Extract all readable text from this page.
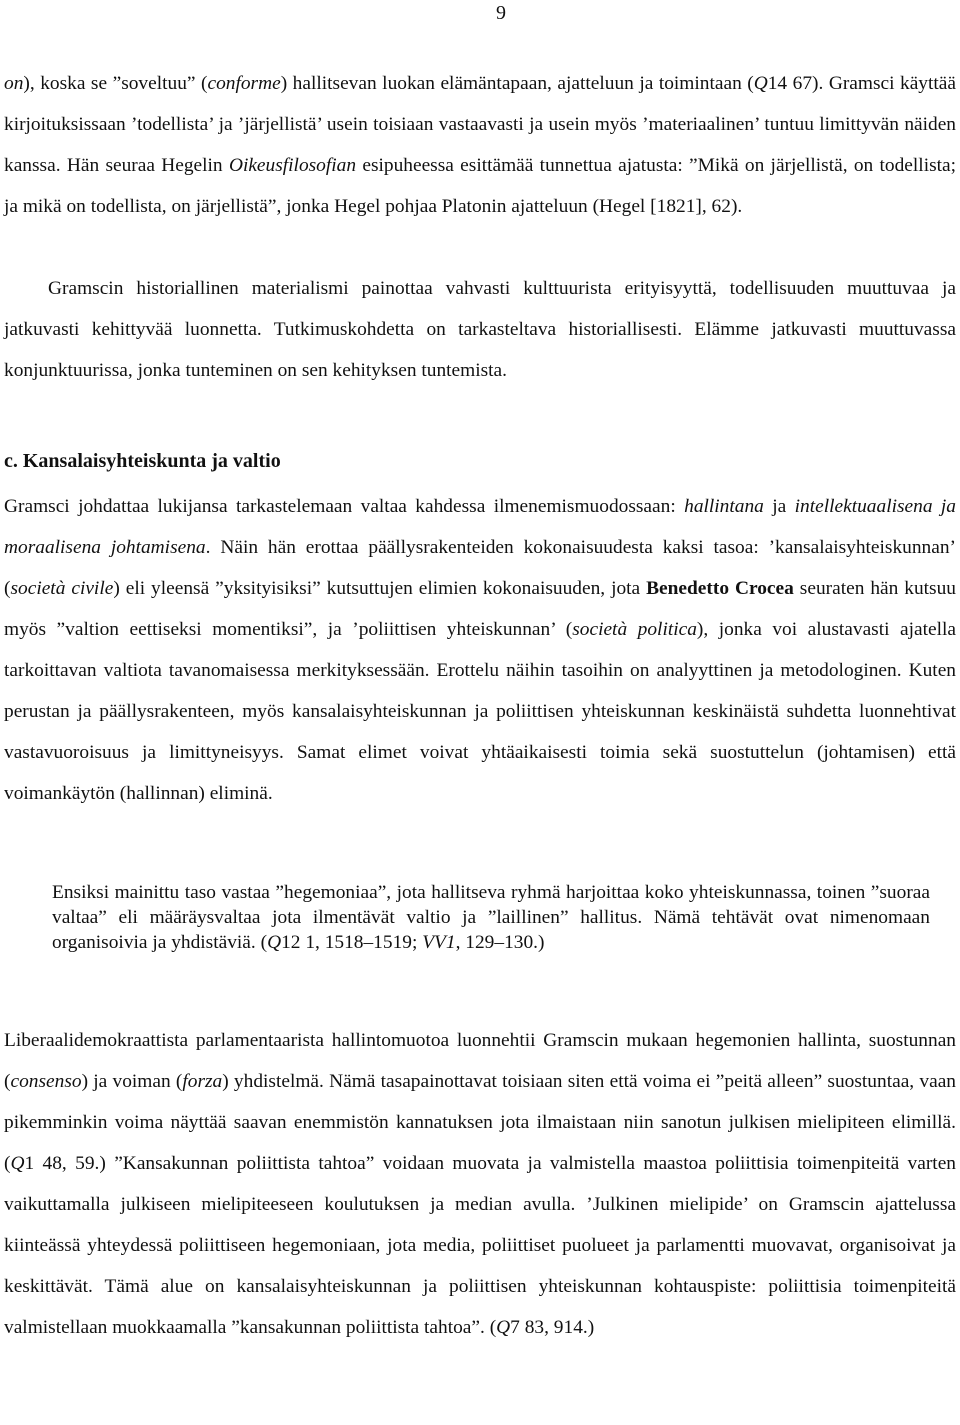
9

on), koska se ”soveltuu” (conforme) hallitsevan luokan elämäntapaan, ajatteluun ja toimintaan (Q14 67). Gramsci käyttää kirjoituksissaan ’todellista’ ja ’järjellistä’ usein toisiaan vastaavasti ja usein myös ’materiaalinen’ tuntuu limittyvän näiden kanssa. Hän seuraa Hegelin Oikeusfilosofian esipuheessa esittämää tunnettua ajatusta: ”Mikä on järjellistä, on todellista; ja mikä on todellista, on järjellistä”, jonka Hegel pohjaa Platonin ajatteluun (Hegel [1821], 62).

Gramscin historiallinen materialismi painottaa vahvasti kulttuurista erityisyyttä, todellisuuden muuttuvaa ja jatkuvasti kehittyvää luonnetta. Tutkimuskohdetta on tarkasteltava historiallisesti. Elämme jatkuvasti muuttuvassa konjunktuurissa, jonka tunteminen on sen kehityksen tuntemista.

c. Kansalaisyhteiskunta ja valtio

Gramsci johdattaa lukijansa tarkastelemaan valtaa kahdessa ilmenemismuodossaan: hallintana ja intellektuaalisena ja moraalisena johtamisena. Näin hän erottaa päällysrakenteiden kokonaisuudesta kaksi tasoa: ’kansalaisyhteiskunnan’ (società civile) eli yleensä ”yksityisiksi” kutsuttujen elimien kokonaisuuden, jota Benedetto Crocea seuraten hän kutsuu myös ”valtion eettiseksi momentiksi”, ja ’poliittisen yhteiskunnan’ (società politica), jonka voi alustavasti ajatella tarkoittavan valtiota tavanomaisessa merkityksessään. Erottelu näihin tasoihin on analyyttinen ja metodologinen. Kuten perustan ja päällysrakenteen, myös kansalaisyhteiskunnan ja poliittisen yhteiskunnan keskinäistä suhdetta luonnehtivat vastavuoroisuus ja limittyneisyys. Samat elimet voivat yhtäaikaisesti toimia sekä suostuttelun (johtamisen) että voimankäytön (hallinnan) eliminä.

Ensiksi mainittu taso vastaa ”hegemoniaa”, jota hallitseva ryhmä harjoittaa koko yhteiskunnassa, toinen ”suoraa valtaa” eli määräysvaltaa jota ilmentävät valtio ja ”laillinen” hallitus. Nämä tehtävät ovat nimenomaan organisoivia ja yhdistäviä. (Q12 1, 1518–1519; VV1, 129–130.)

Liberaalidemokraattista parlamentaarista hallintomuotoa luonnehtii Gramscin mukaan hegemonien hallinta, suostunnan (consenso) ja voiman (forza) yhdistelmä. Nämä tasapainottavat toisiaan siten että voima ei ”peitä alleen” suostuntaa, vaan pikemminkin voima näyttää saavan enemmistön kannatuksen jota ilmaistaan niin sanotun julkisen mielipiteen elimillä. (Q1 48, 59.) ”Kansakunnan poliittista tahtoa” voidaan muovata ja valmistella maastoa poliittisia toimenpiteitä varten vaikuttamalla julkiseen mielipiteeseen koulutuksen ja median avulla. ’Julkinen mielipide’ on Gramscin ajattelussa kiinteässä yhteydessä poliittiseen hegemoniaan, jota media, poliittiset puolueet ja parlamentti muovavat, organisoivat ja keskittävät. Tämä alue on kansalaisyhteiskunnan ja poliittisen yhteiskunnan kohtauspiste: poliittisia toimenpiteitä valmistellaan muokkaamalla ”kansakunnan poliittista tahtoa”. (Q7 83, 914.)
